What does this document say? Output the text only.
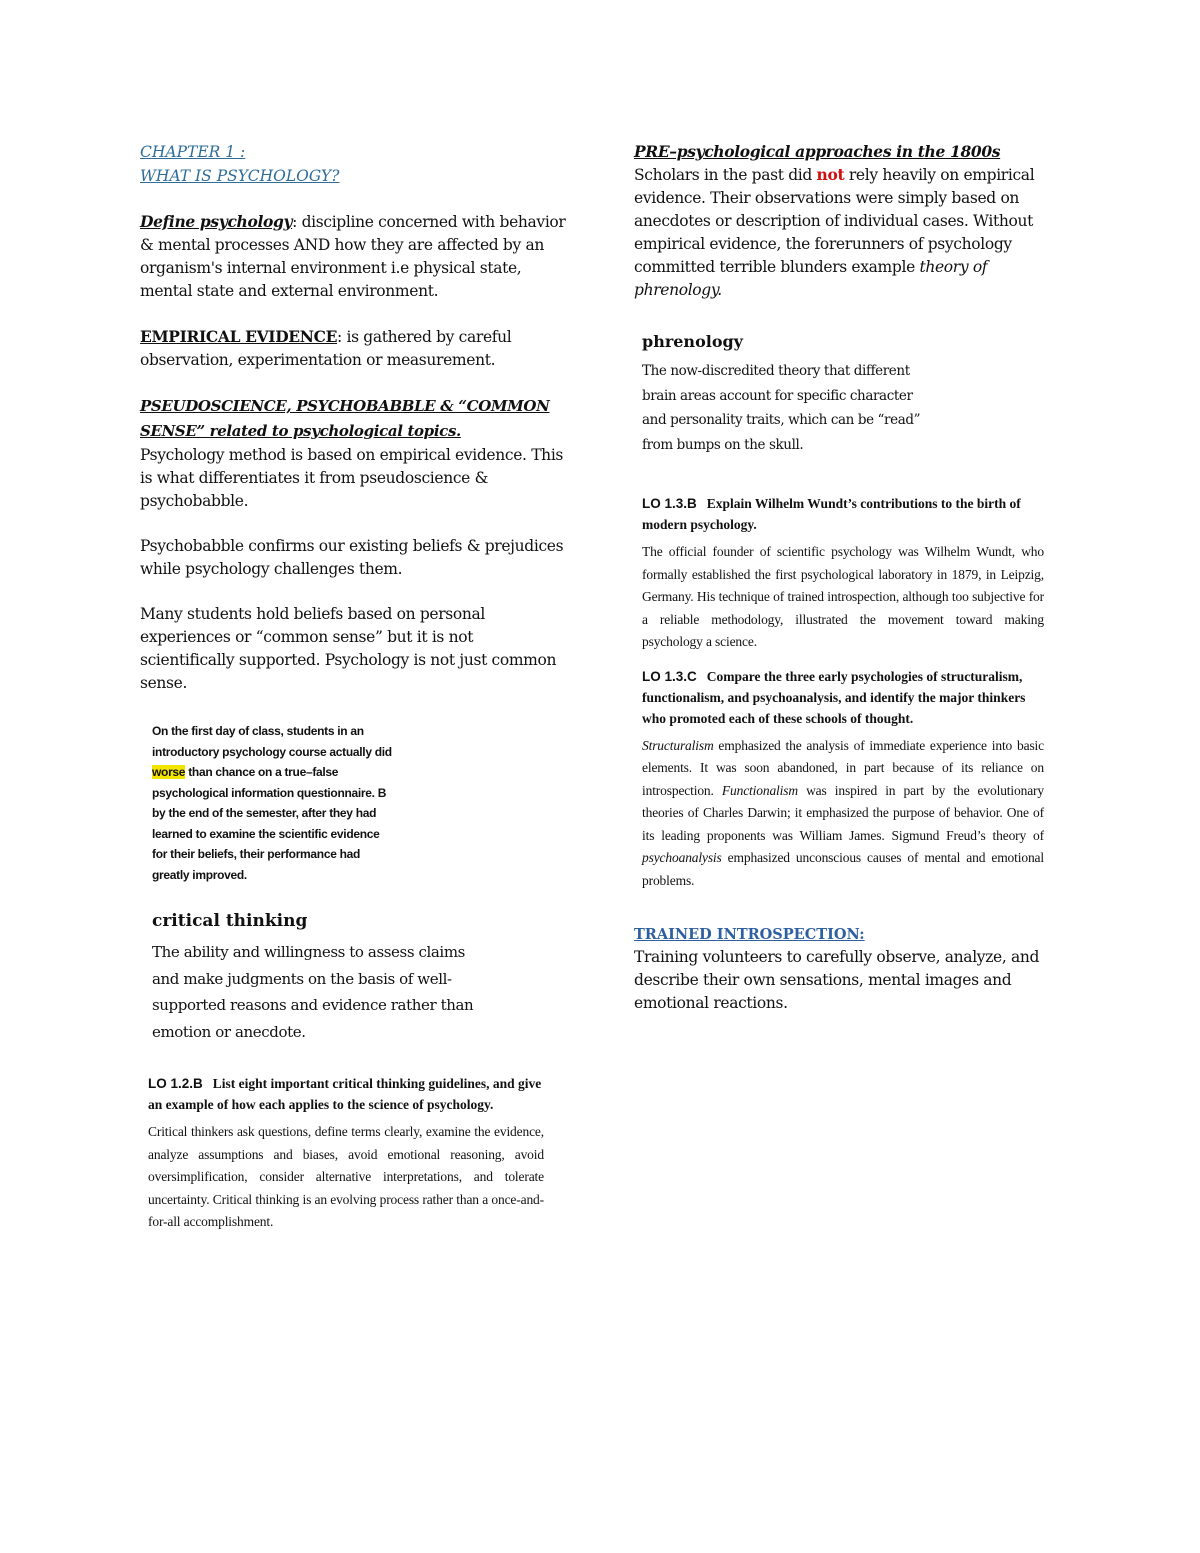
CHAPTER 1 :

WHAT IS PSYCHOLOGY?

Define psychology: discipline concerned with behavior & mental processes AND how they are affected by an organism's internal environment i.e physical state, mental state and external environment.

EMPIRICAL EVIDENCE: is gathered by careful observation, experimentation or measurement.

PSEUDOSCIENCE, PSYCHOBABBLE & “COMMON SENSE” related to psychological topics.

Psychology method is based on empirical evidence. This is what differentiates it from pseudoscience & psychobabble.

Psychobabble confirms our existing beliefs & prejudices while psychology challenges them.

Many students hold beliefs based on personal experiences or “common sense” but it is not scientifically supported. Psychology is not just common sense.

On the first day of class, students in an introductory psychology course actually did worse than chance on a true–false psychological information questionnaire. B by the end of the semester, after they had learned to examine the scientific evidence for their beliefs, their performance had greatly improved.

critical thinking

The ability and willingness to assess claims and make judgments on the basis of well-supported reasons and evidence rather than emotion or anecdote.

LO 1.2.B List eight important critical thinking guidelines, and give an example of how each applies to the science of psychology.

Critical thinkers ask questions, define terms clearly, examine the evidence, analyze assumptions and biases, avoid emotional reasoning, avoid oversimplification, consider alternative interpretations, and tolerate uncertainty. Critical thinking is an evolving process rather than a once-and-for-all accomplishment.

PRE–psychological approaches in the 1800s

Scholars in the past did not rely heavily on empirical evidence. Their observations were simply based on anecdotes or description of individual cases. Without empirical evidence, the forerunners of psychology committed terrible blunders example theory of phrenology.

phrenology

The now-discredited theory that different brain areas account for specific character and personality traits, which can be “read” from bumps on the skull.

LO 1.3.B Explain Wilhelm Wundt’s contributions to the birth of modern psychology.

The official founder of scientific psychology was Wilhelm Wundt, who formally established the first psychological laboratory in 1879, in Leipzig, Germany. His technique of trained introspection, although too subjective for a reliable methodology, illustrated the movement toward making psychology a science.

LO 1.3.C Compare the three early psychologies of structuralism, functionalism, and psychoanalysis, and identify the major thinkers who promoted each of these schools of thought.

Structuralism emphasized the analysis of immediate experience into basic elements. It was soon abandoned, in part because of its reliance on introspection. Functionalism was inspired in part by the evolutionary theories of Charles Darwin; it emphasized the purpose of behavior. One of its leading proponents was William James. Sigmund Freud’s theory of psychoanalysis emphasized unconscious causes of mental and emotional problems.

TRAINED INTROSPECTION:

Training volunteers to carefully observe, analyze, and describe their own sensations, mental images and emotional reactions.
